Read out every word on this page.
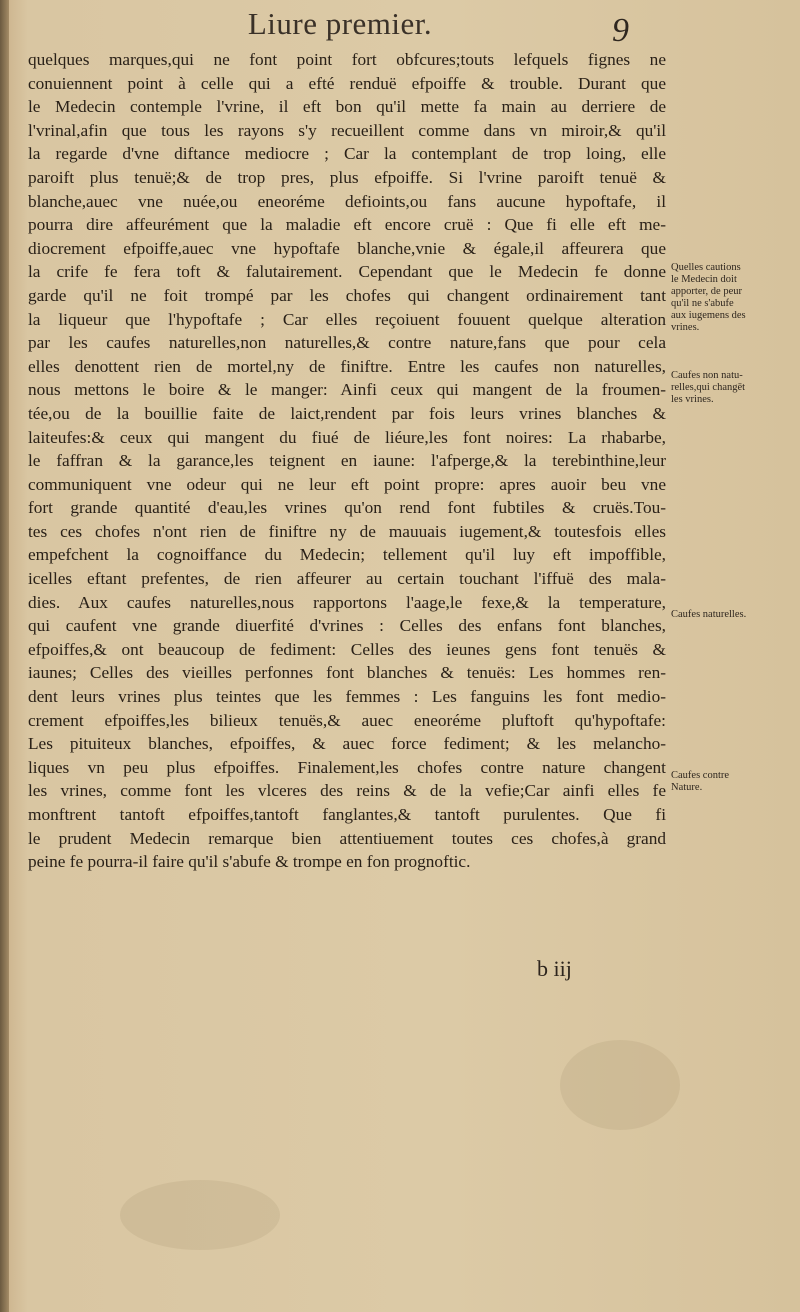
Liure premier.	9
quelques marques,qui ne font point fort obfcures;touts lefquels fignes ne
conuiennent point à celle qui a efté renduë efpoiffe & trouble. Durant que
le Medecin contemple l'vrine, il eft bon qu'il mette fa main au derriere de
l'vrinal,afin que tous les rayons s'y recueillent comme dans vn miroir,& qu'il
la regarde d'vne diftance mediocre ; Car la contemplant de trop loing, elle
paroift plus tenuë;& de trop pres, plus efpoiffe. Si l'vrine paroift tenuë &
blanche,auec vne nuée,ou eneoréme defioints,ou fans aucune hypoftafe, il
pourra dire affeurément que la maladie eft encore cruë : Que fi elle eft me-
diocrement efpoiffe,auec vne hypoftafe blanche,vnie & égale,il affeurera que
la crife fe fera toft & falutairement. Cependant que le Medecin fe donne
garde qu'il ne foit trompé par les chofes qui changent ordinairement tant
la liqueur que l'hypoftafe ; Car elles reçoiuent fouuent quelque alteration
par les caufes naturelles,non naturelles,& contre nature,fans que pour cela
elles denottent rien de mortel,ny de finiftre. Entre les caufes non naturelles,
nous mettons le boire & le manger: Ainfi ceux qui mangent de la froumen-
tée,ou de la bouillie faite de laict,rendent par fois leurs vrines blanches &
laiteufes:& ceux qui mangent du fiué de liéure,les font noires: La rhabarbe,
le faffran & la garance,les teignent en iaune: l'afperge,& la terebinthine,leur
communiquent vne odeur qui ne leur eft point propre: apres auoir beu vne
fort grande quantité d'eau,les vrines qu'on rend font fubtiles & cruës.Tou-
tes ces chofes n'ont rien de finiftre ny de mauuais iugement,& toutesfois elles
empefchent la cognoiffance du Medecin; tellement qu'il luy eft impoffible,
icelles eftant prefentes, de rien affeurer au certain touchant l'iffuë des mala-
dies. Aux caufes naturelles,nous rapportons l'aage,le fexe,& la temperature,
qui caufent vne grande diuerfité d'vrines : Celles des enfans font blanches,
efpoiffes,& ont beaucoup de fediment: Celles des ieunes gens font tenuës &
iaunes; Celles des vieilles perfonnes font blanches & tenuës: Les hommes ren-
dent leurs vrines plus teintes que les femmes : Les fanguins les font medio-
crement efpoiffes,les bilieux tenuës,& auec eneoréme pluftoft qu'hypoftafe:
Les pituiteux blanches, efpoiffes, & auec force fediment; & les melancho-
liques vn peu plus efpoiffes. Finalement,les chofes contre nature changent
les vrines, comme font les vlceres des reins & de la vefie;Car ainfi elles fe
monftrent tantoft efpoiffes,tantoft fanglantes,& tantoft purulentes. Que fi
le prudent Medecin remarque bien attentiuement toutes ces chofes,à grand
peine fe pourra-il faire qu'il s'abufe & trompe en fon prognoftic.
Quelles cautions
le Medecin doit
apporter, de peur
qu'il ne s'abufe
aux iugemens des
vrines.
Caufes non natu-
relles,qui changēt
les vrines.
Caufes naturelles.
Caufes contre
Nature.
b iij
